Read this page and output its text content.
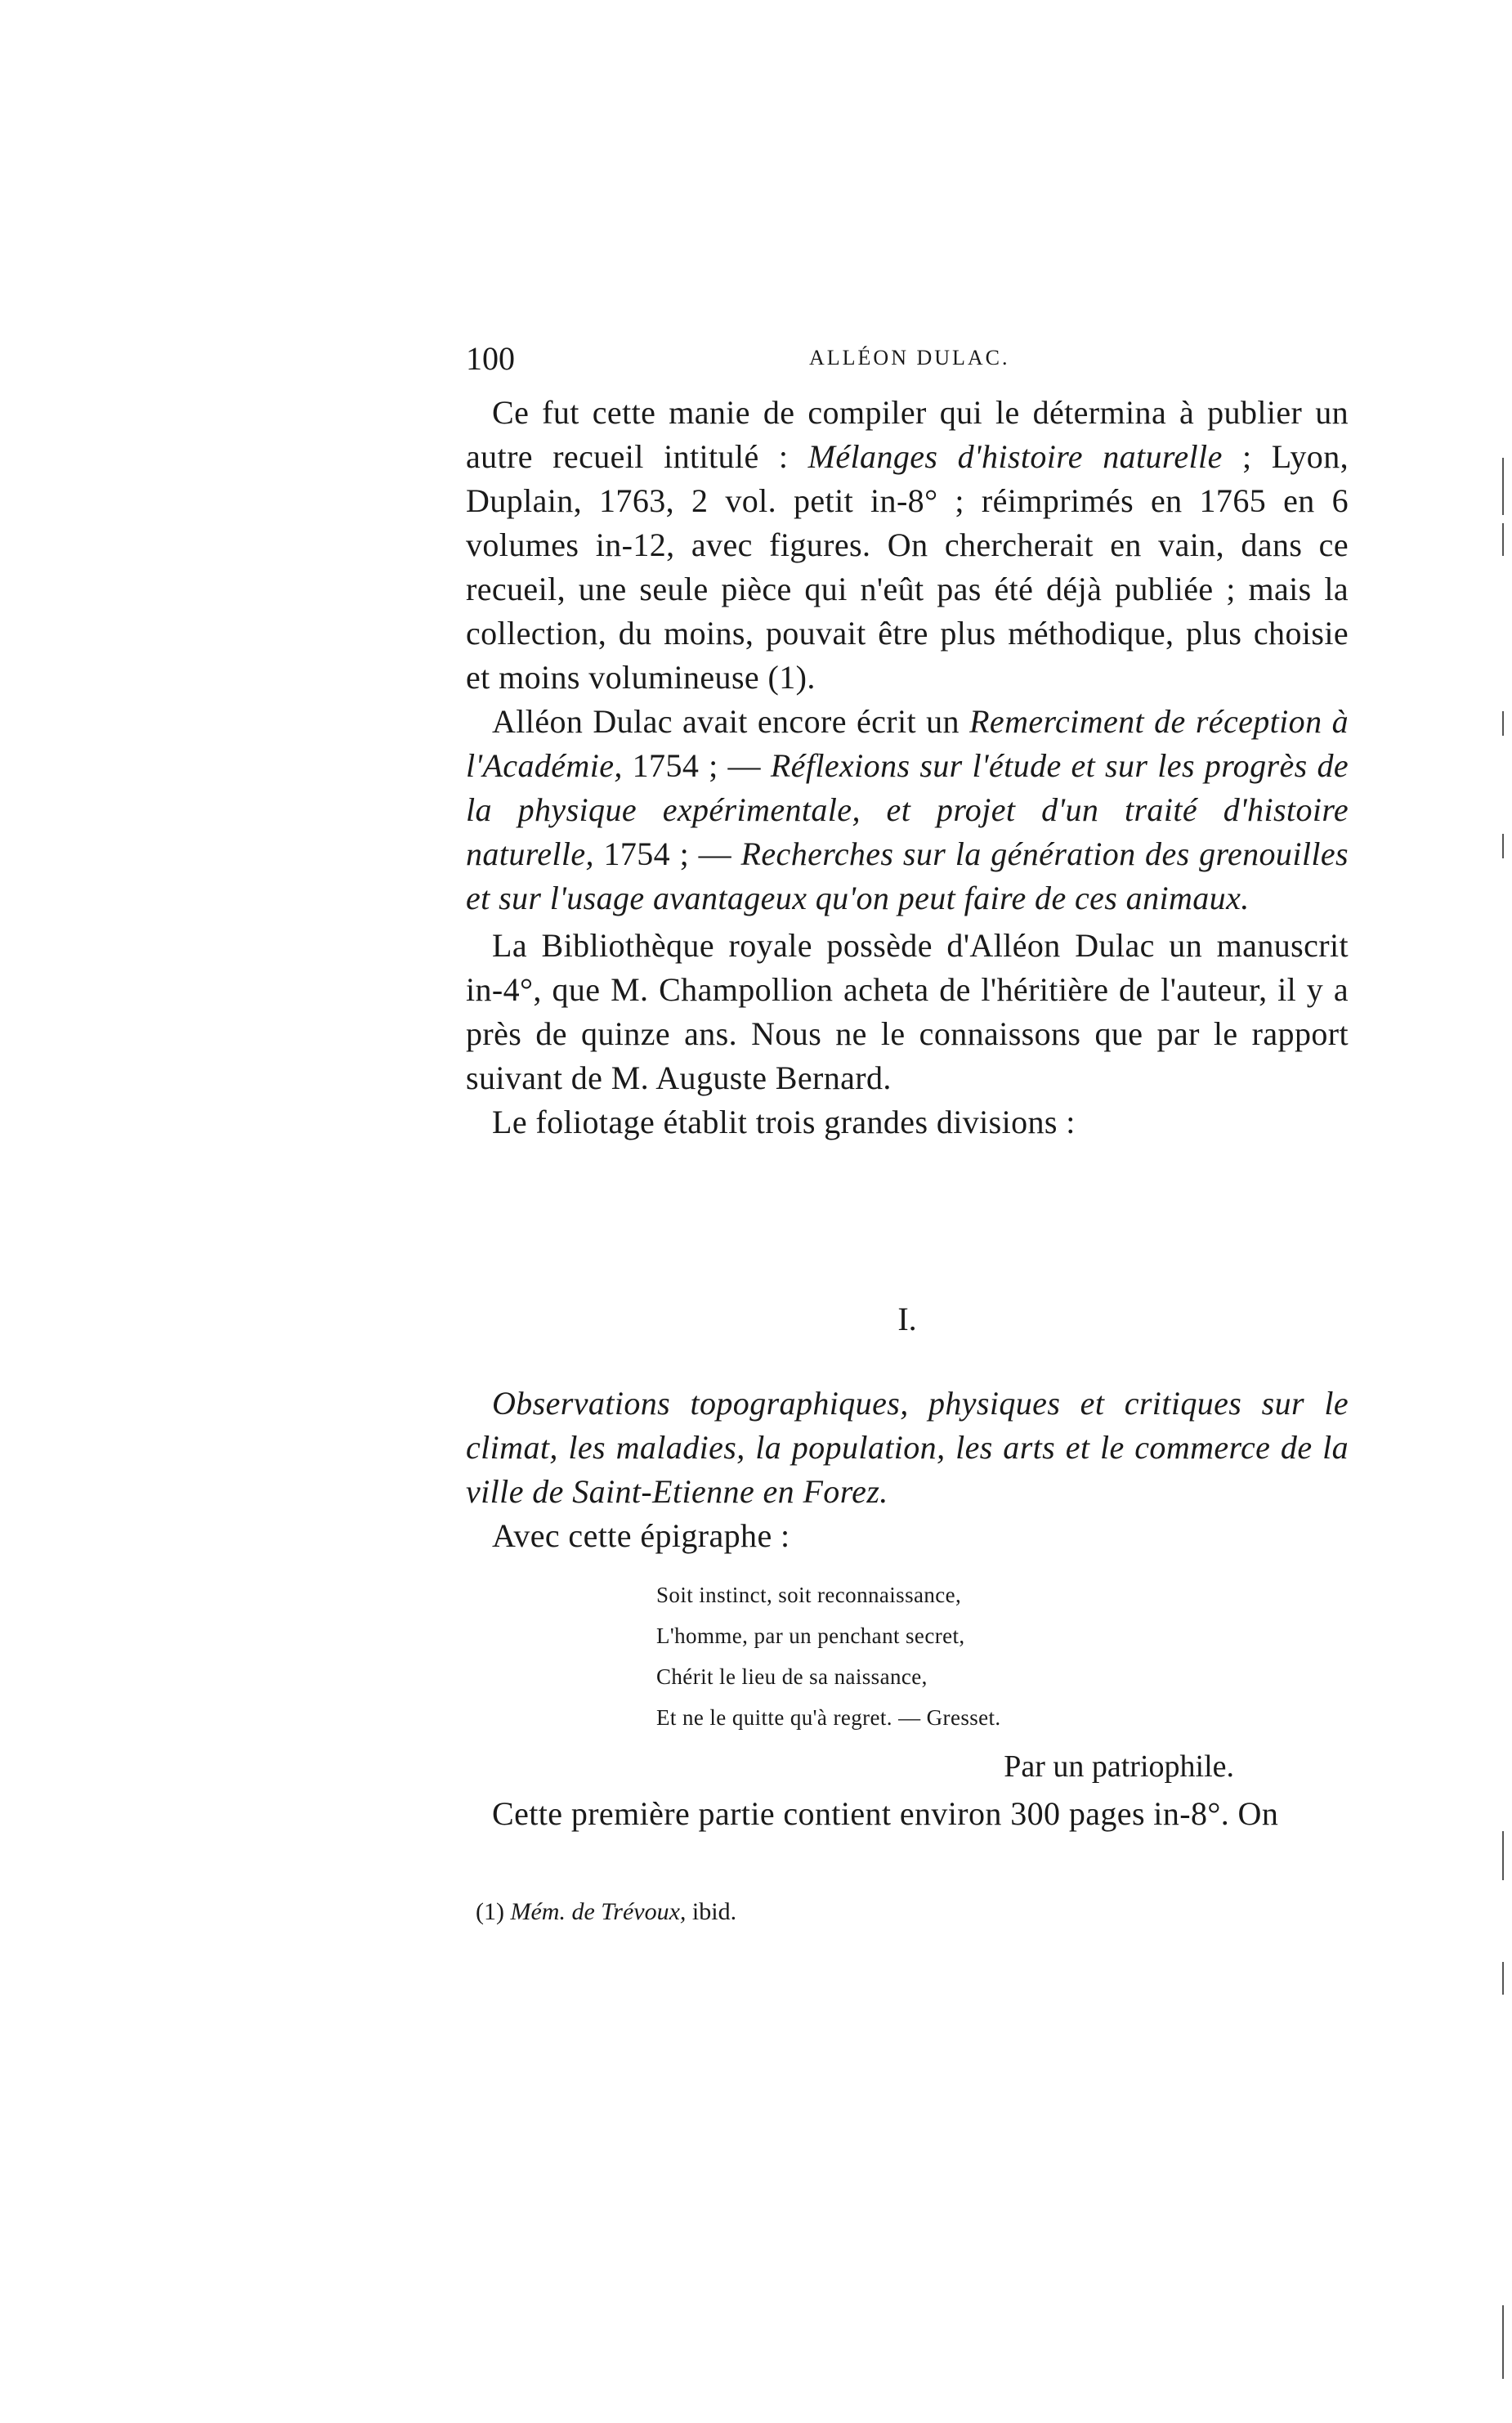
100	ALLÉON DULAC.

Ce fut cette manie de compiler qui le détermina à publier un autre recueil intitulé : Mélanges d'histoire naturelle ; Lyon, Duplain, 1763, 2 vol. petit in-8° ; réimprimés en 1765 en 6 volumes in-12, avec figures. On chercherait en vain, dans ce recueil, une seule pièce qui n'eût pas été déjà publiée ; mais la collection, du moins, pouvait être plus méthodique, plus choisie et moins volumineuse (1).

Alléon Dulac avait encore écrit un Remerciment de réception à l'Académie, 1754 ; — Réflexions sur l'étude et sur les progrès de la physique expérimentale, et projet d'un traité d'histoire naturelle, 1754 ; — Recherches sur la génération des grenouilles et sur l'usage avantageux qu'on peut faire de ces animaux.

La Bibliothèque royale possède d'Alléon Dulac un manuscrit in-4°, que M. Champollion acheta de l'héritière de l'auteur, il y a près de quinze ans. Nous ne le connaissons que par le rapport suivant de M. Auguste Bernard.

Le foliotage établit trois grandes divisions :

I.

Observations topographiques, physiques et critiques sur le climat, les maladies, la population, les arts et le commerce de la ville de Saint-Etienne en Forez.

Avec cette épigraphe :

Soit instinct, soit reconnaissance,
L'homme, par un penchant secret,
Chérit le lieu de sa naissance,
Et ne le quitte qu'à regret. — Gresset.
Par un patriophile.

Cette première partie contient environ 300 pages in-8°. On

(1) Mém. de Trévoux, ibid.
